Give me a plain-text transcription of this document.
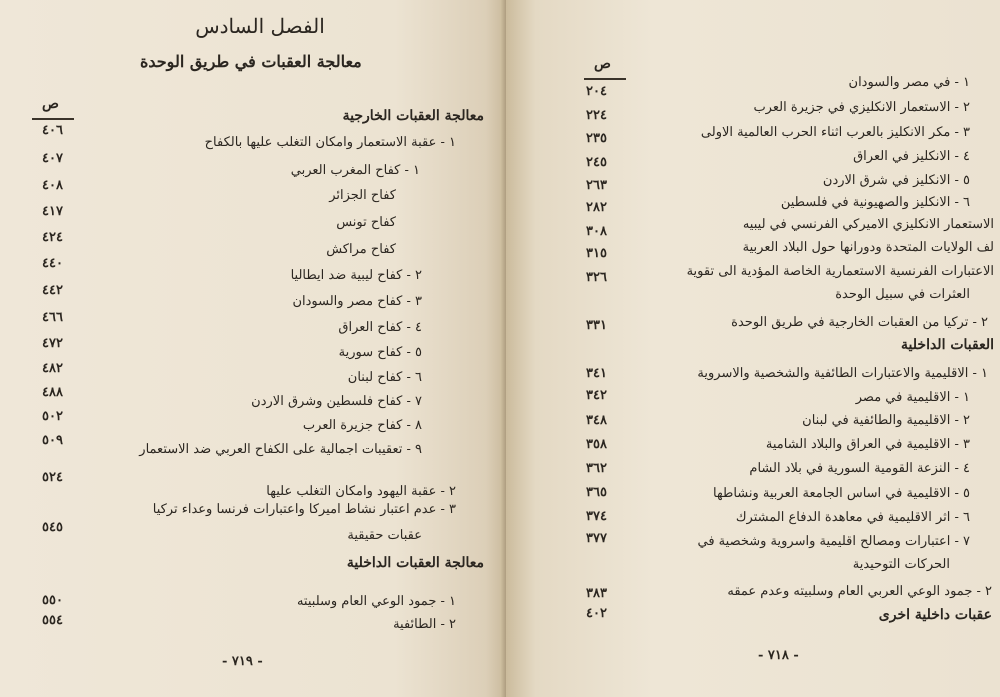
الفصل السادس
معالجة العقبات في طريق الوحدة
ص
معالجة العقبات الخارجية
١ - عقبة الاستعمار وامكان التغلب عليها بالكفاح
٤٠٦
١ - كفاح المغرب العربي
٤٠٧
كفاح الجزائر
٤٠٨
كفاح تونس
٤١٧
كفاح مراكش
٤٢٤
٢ - كفاح ليبية ضد ايطاليا
٤٤٠
٣ - كفاح مصر والسودان
٤٤٢
٤ - كفاح العراق
٤٦٦
٥ - كفاح سورية
٤٧٢
٦ - كفاح لبنان
٤٨٢
٧ - كفاح فلسطين وشرق الاردن
٤٨٨
٨ - كفاح جزيرة العرب
٥٠٢
٩ - تعقيبات اجمالية على الكفاح العربي ضد الاستعمار
٥٠٩
٢ - عقبة اليهود وامكان التغلب عليها
٥٢٤
٣ - عدم اعتبار نشاط اميركا واعتبارات فرنسا وعداء تركيا
عقبات حقيقية
٥٤٥
معالجة العقبات الداخلية
١ - جمود الوعي العام وسلبيته
٥٥٠
٢ - الطائفية
٥٥٤
- ٧١٩ -
ص
١ - في مصر والسودان
٢٠٤
٢ - الاستعمار الانكليزي في جزيرة العرب
٢٢٤
٣ - مكر الانكليز بالعرب اثناء الحرب العالمية الاولى
٢٣٥
٤ - الانكليز في العراق
٢٤٥
٥ - الانكليز في شرق الاردن
٢٦٣
٦ - الانكليز والصهيونية في فلسطين
٢٨٢
الاستعمار الانكليزي الاميركي الفرنسي في ليبيه
٣٠٨
لف الولايات المتحدة ودورانها حول البلاد العربية
٣١٥
الاعتبارات الفرنسية الاستعمارية الخاصة المؤدية الى تقوية
٣٢٦
العثرات في سبيل الوحدة
٢ - تركيا من العقبات الخارجية في طريق الوحدة
٣٣١
العقبات الداخلية
١ - الاقليمية والاعتبارات الطائفية والشخصية والاسروية
٣٤١
١ - الاقليمية في مصر
٣٤٢
٢ - الاقليمية والطائفية في لبنان
٣٤٨
٣ - الاقليمية في العراق والبلاد الشامية
٣٥٨
٤ - النزعة القومية السورية في بلاد الشام
٣٦٢
٥ - الاقليمية في اساس الجامعة العربية ونشاطها
٣٦٥
٦ - اثر الاقليمية في معاهدة الدفاع المشترك
٣٧٤
٧ - اعتبارات ومصالح اقليمية واسروية وشخصية في
٣٧٧
الحركات التوحيدية
٢ - جمود الوعي العربي العام وسلبيته وعدم عمقه
٣٨٣
عقبات داخلية اخرى
٤٠٢
- ٧١٨ -
